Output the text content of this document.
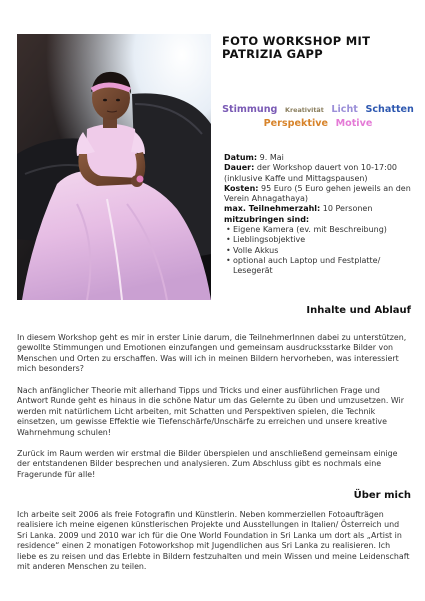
FOTO WORKSHOP MIT
PATRIZIA GAPP
Stimmung Kreativität Licht Schatten
Perspektive Motive
Datum: 9. Mai
Dauer: der Workshop dauert von 10-17:00 (inklusive Kaffe und Mittagspausen)
Kosten: 95 Euro (5 Euro gehen jeweils an den Verein Ahnagathaya)
max. Teilnehmerzahl: 10 Personen
mitzubringen sind:
• Eigene Kamera (ev. mit Beschreibung)
• Lieblingsobjektive
• Volle Akkus
• optional auch Laptop und Festplatte/ Lesegerät
Inhalte und Ablauf

In diesem Workshop geht es mir in erster Linie darum, die TeilnehmerInnen dabei zu unterstützen, gewollte Stimmungen und Emotionen einzufangen und gemeinsam ausdrucksstarke Bilder von Menschen und Orten zu erschaffen. Was will ich in meinen Bildern hervorheben, was interessiert mich besonders?

Nach anfänglicher Theorie mit allerhand Tipps und Tricks und einer ausführlichen Frage und Antwort Runde geht es hinaus in die schöne Natur um das Gelernte zu üben und umzusetzen. Wir werden mit natürlichem Licht arbeiten, mit Schatten und Perspektiven spielen, die Technik einsetzen, um gewisse Effektie wie Tiefenschärfe/Unschärfe zu erreichen und unsere kreative Wahrnehmung schulen!

Zurück im Raum werden wir erstmal die Bilder überspielen und anschließend gemeinsam einige der entstandenen Bilder besprechen und analysieren. Zum Abschluss gibt es nochmals eine Fragerunde für alle!

Über mich

Ich arbeite seit 2006 als freie Fotografin und Künstlerin. Neben kommerziellen Fotoaufträgen realisiere ich meine eigenen künstlerischen Projekte und Ausstellungen in Italien/ Österreich und Sri Lanka. 2009 und 2010 war ich für die One World Foundation in Sri Lanka um dort als „Artist in residence“ einen 2 monatigen Fotoworkshop mit Jugendlichen aus Sri Lanka zu realisieren. Ich liebe es zu reisen und das Erlebte in Bildern festzuhalten und mein Wissen und meine Leidenschaft mit anderen Menschen zu teilen.
